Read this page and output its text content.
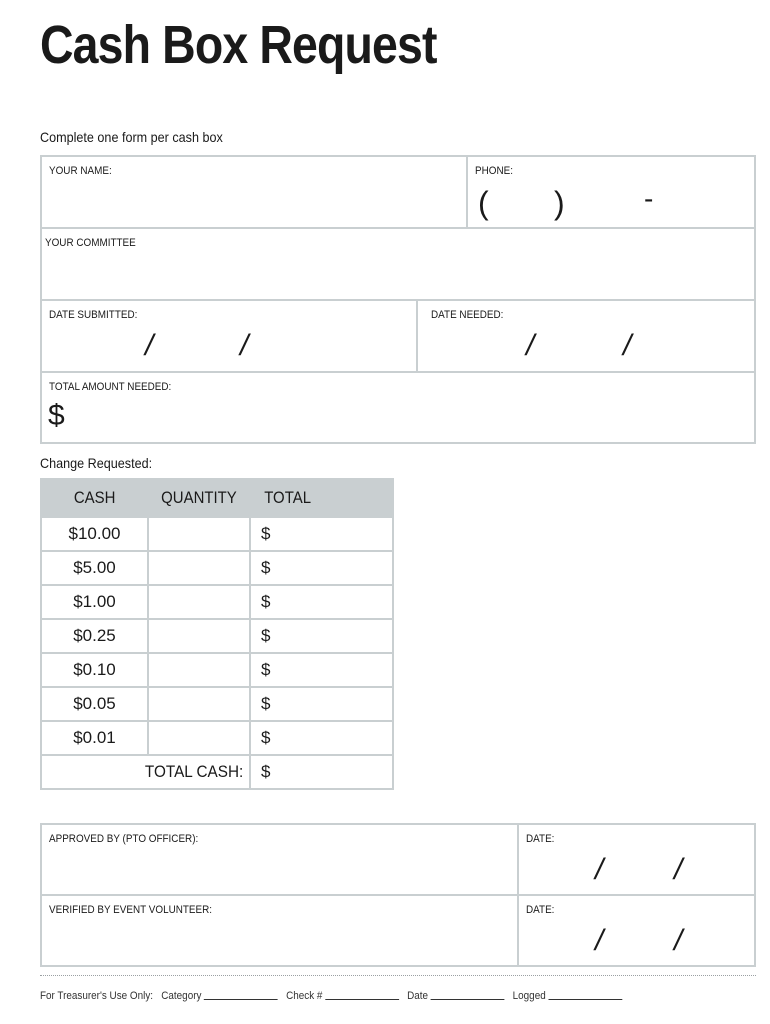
Cash Box Request
Complete one form per cash box
YOUR NAME:	PHONE:
( )	-
YOUR COMMITTEE
DATE SUBMITTED:
/	/
DATE NEEDED:
/	/
TOTAL AMOUNT NEEDED:
$
Change Requested:
CASH	QUANTITY	TOTAL
$10.00		$
$5.00		$
$1.00		$
$0.25		$
$0.10		$
$0.05		$
$0.01		$
TOTAL CASH:		$
APPROVED BY (PTO OFFICER):	DATE:
/ /
VERIFIED BY EVENT VOLUNTEER:	DATE:
/ /
For Treasurer's Use Only: Category	Check #	Date	Logged
